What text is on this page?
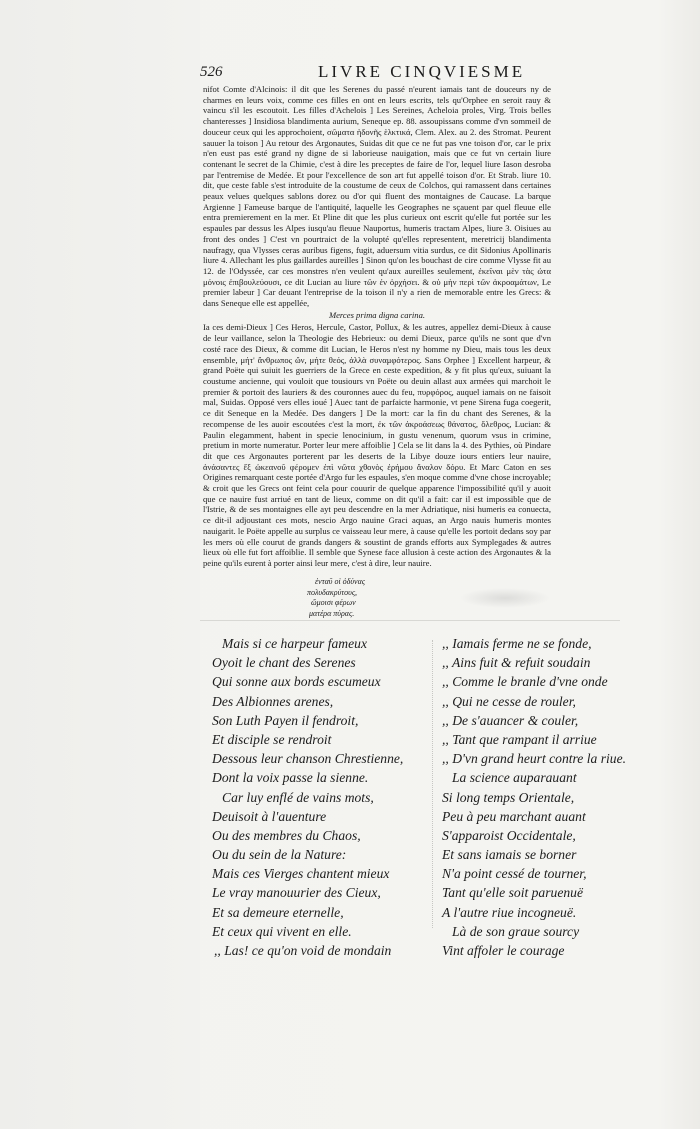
526	LIVRE CINQVIESME

nifot Comte d'Alcinois: il dit que les Serenes du passé n'eurent iamais tant de douceurs ny de charmes en leurs voix, comme ces filles en ont en leurs escrits, tels qu'Orphee en seroit rauy & vaincu s'il les escoutoit. Les filles d'Achelois ] Les Sereines, Acheloia proles, Virg. Trois belles chanteresses ] Insidiosa blandimenta aurium, Seneque ep. 88. assoupissans comme d'vn sommeil de douceur ceux qui les approchoient, σῶματα ἡδονῆς ἑλκτικά, Clem. Alex. au 2. des Stromat. Peurent sauuer la toison ] Au retour des Argonautes, Suidas dit que ce ne fut pas vne toison d'or, car le prix n'en eust pas esté grand ny digne de si laborieuse nauigation, mais que ce fut vn certain liure contenant le secret de la Chimie, c'est à dire les preceptes de faire de l'or, lequel liure Iason desroba par l'entremise de Medée. Et pour l'excellence de son art fut appellé toison d'or. Et Strab. liure 10. dit, que ceste fable s'est introduite de la coustume de ceux de Colchos, qui ramassent dans certaines peaux velues quelques sablons dorez ou d'or qui fluent des montaignes de Caucase. La barque Argienne ] Fameuse barque de l'antiquité, laquelle les Geographes ne sçauent par quel fleuue elle entra premierement en la mer. Et Pline dit que les plus curieux ont escrit qu'elle fut portée sur les espaules par dessus les Alpes iusqu'au fleuue Nauportus, humeris tractam Alpes, liure 3. Oisiues au front des ondes ] C'est vn pourtraict de la volupté qu'elles representent, meretricij blandimenta naufragy, qua Vlysses ceras auribus figens, fugit, aduersum vitia surdus, ce dit Sidonius Apollinaris liure 4. Allechant les plus gaillardes aureilles ] Sinon qu'on les bouchast de cire comme Vlysse fit au 12. de l'Odyssée, car ces monstres n'en veulent qu'aux aureilles seulement, ἐκεῖναι μὲν τὰς ὠτα μόνοις ἐπιβουλεύουσι, ce dit Lucian au liure τῶν ἐν ὀρχήσει. & οὐ μὴν περὶ τῶν ἀκροαμάτων, Le premier labeur ] Car deuant l'entreprise de la toison il n'y a rien de memorable entre les Grecs: & dans Seneque elle est appellée,

Merces prima digna carina.

Ia ces demi-Dieux ] Ces Heros, Hercule, Castor, Pollux, & les autres, appellez demi-Dieux à cause de leur vaillance, selon la Theologie des Hebrieux: ou demi Dieux, parce qu'ils ne sont que d'vn costé race des Dieux, & comme dit Lucian, le Heros n'est ny homme ny Dieu, mais tous les deux ensemble, μήτ' ἄνθρωπος ὤν, μήτε θεός, ἀλλὰ συναμφότερος. Sans Orphee ] Excellent harpeur, & grand Poëte qui suiuit les guerriers de la Grece en ceste expedition, & y fit plus qu'eux, suiuant la coustume ancienne, qui vouloit que tousiours vn Poëte ou deuin allast aux armées qui marchoit le premier & portoit des lauriers & des couronnes auec du feu, πυρφόρος, auquel iamais on ne faisoit mal, Suidas. Opposé vers elles ioué ] Auec tant de parfaicte harmonie, vt pene Sirena fuga coegerit, ce dit Seneque en la Medée. Des dangers ] De la mort: car la fin du chant des Serenes, & la recompense de les auoir escoutées c'est la mort, ἐκ τῶν ἀκροάσεως θάνατος, ὄλεθρος, Lucian: & Paulin elegamment, habent in specie lenocinium, in gustu venenum, quorum vsus in crimine, pretium in morte numeratur. Porter leur mere affoiblie ] Cela se lit dans la 4. des Pythies, où Pindare dit que ces Argonautes porterent par les deserts de la Libye douze iours entiers leur nauire, ἀνάσαντες ἔξ ὠκεανοῦ φέρομεν ἐπὶ νῶτα χθονὸς ἐρήμου ἄναλον δόρυ. Et Marc Caton en ses Origines remarquant ceste portée d'Argo fur les espaules, s'en moque comme d'vne chose incroyable; & croit que les Grecs ont feint cela pour couurir de quelque apparence l'impossibilité qu'il y auoit que ce nauire fust arriué en tant de lieux, comme on dit qu'il a fait: car il est impossible que de l'Istrie, & de ses montaignes elle ayt peu descendre en la mer Adriatique, nisi humeris ea conuecta, ce dit-il adjoustant ces mots, nescio Argo nauine Graci aquas, an Argo nauis humeris montes nauigarit. le Poëte appelle au surplus ce vaisseau leur mere, à cause qu'elle les portoit dedans soy par les mers où elle courut de grands dangers & soustint de grands efforts aux Symplegades & autres lieux où elle fut fort affoiblie. Il semble que Synese face allusion à ceste action des Argonautes & la peine qu'ils eurent à porter ainsi leur mere, c'est à dire, leur nauire.

ἐνταῦ οἱ ὀδύνας
πολυδακρύτους,
ὤμοισι φέρων
ματέρα πύρας.
Mais si ce harpeur fameux
Oyoit le chant des Serenes
Qui sonne aux bords escumeux
Des Albionnes arenes,
Son Luth Payen il fendroit,
Et disciple se rendroit
Dessous leur chanson Chrestienne,
Dont la voix passe la sienne.
Car luy enflé de vains mots,
Deuisoit à l'auenture
Ou des membres du Chaos,
Ou du sein de la Nature:
Mais ces Vierges chantent mieux
Le vray manouurier des Cieux,
Et sa demeure eternelle,
Et ceux qui vivent en elle.
,, Las! ce qu'on void de mondain
,, Iamais ferme ne se fonde,
,, Ains fuit & refuit soudain
,, Comme le branle d'vne onde
,, Qui ne cesse de rouler,
,, De s'auancer & couler,
,, Tant que rampant il arriue
,, D'vn grand heurt contre la riue.
La science auparauant
Si long temps Orientale,
Peu à peu marchant auant
S'apparoist Occidentale,
Et sans iamais se borner
N'a point cessé de tourner,
Tant qu'elle soit paruenuë
A l'autre riue incogneuë.
Là de son graue sourcy
Vint affoler le courage
